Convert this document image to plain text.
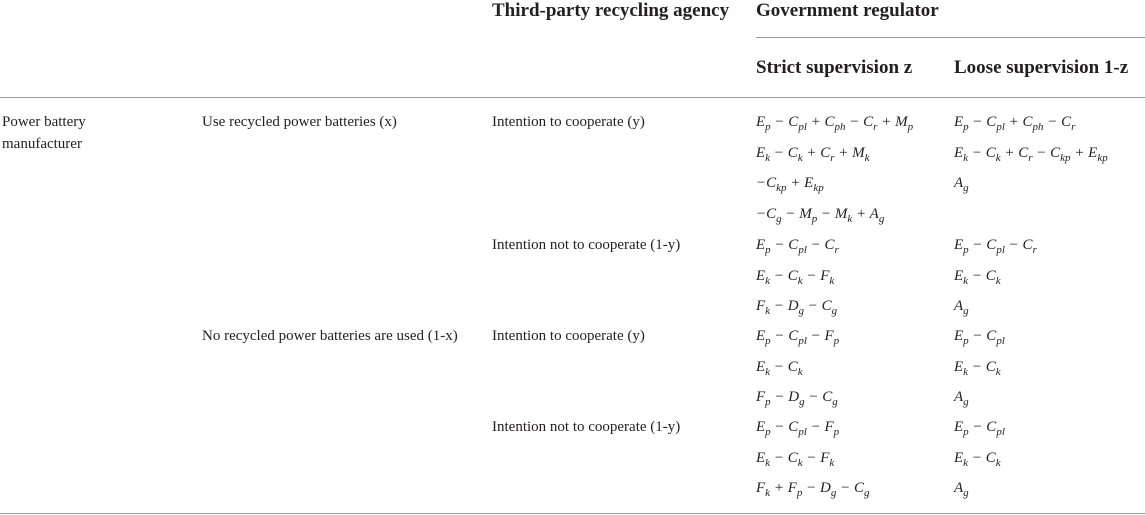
Third-party recycling agency Government regulator
Strict supervision z Loose supervision 1-z
Power battery manufacturer
Use recycled power batteries (x)
No recycled power batteries are used (1-x)
Intention to cooperate (y)
Intention not to cooperate (1-y)
Intention to cooperate (y)
Intention not to cooperate (1-y)
$E_p - C_{pl} + C_{ph} - C_r + M_p$
$E_k - C_k + C_r + M_k$
$-C_{kp} + E_{kp}$
$-C_g - M_p - M_k + A_g$
$E_p - C_{pl} + C_{ph} - C_r$
$E_k - C_k + C_r - C_{kp} + E_{kp}$
$A_g$
$E_p - C_{pl} - C_r$
$E_k - C_k - F_k$
$F_k - D_g - C_g$
$E_p - C_{pl} - C_r$
$E_k - C_k$
$A_g$
$E_p - C_{pl} - F_p$
$E_k - C_k$
$F_p - D_g - C_g$
$E_p - C_{pl}$
$E_k - C_k$
$A_g$
$E_p - C_{pl} - F_p$
$E_k - C_k - F_k$
$F_k + F_p - D_g - C_g$
$E_p - C_{pl}$
$E_k - C_k$
$A_g$
